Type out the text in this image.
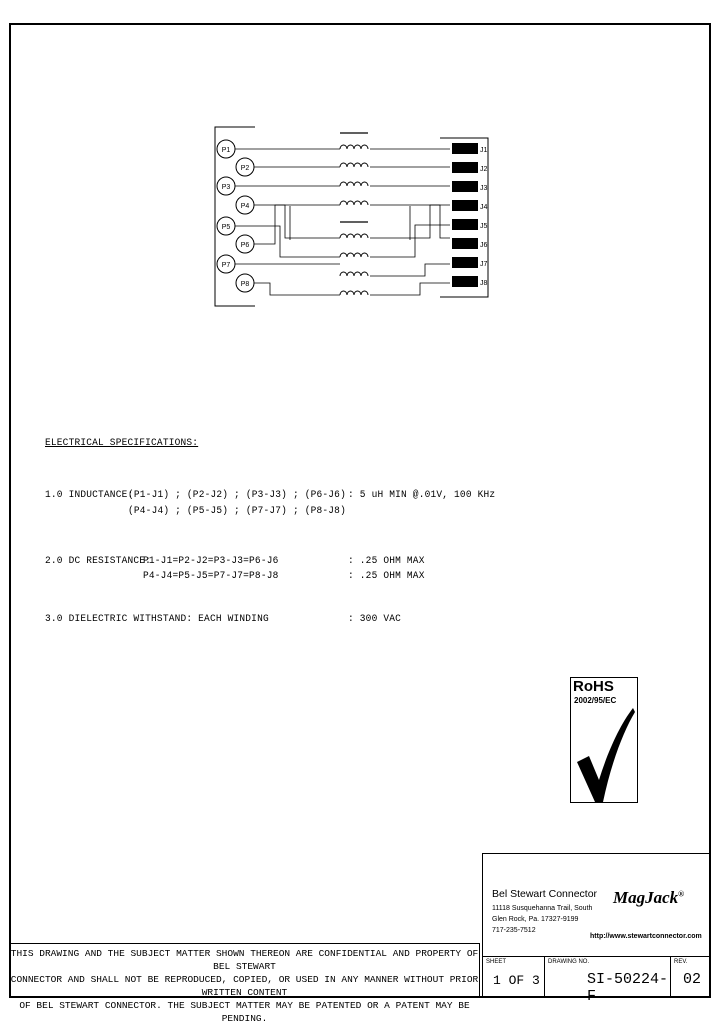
P1
P2
P3
P4
P5
P6
P7
P8
J1
J2
J3
J4
J5
J6
J7
J8
ELECTRICAL SPECIFICATIONS:
1.0 INDUCTANCE:
(P1-J1) ; (P2-J2) ; (P3-J3) ; (P6-J6)
(P4-J4) ; (P5-J5) ; (P7-J7) ; (P8-J8)
: 5 uH MIN @.01V, 100 KHz
2.0 DC RESISTANCE:
P1-J1=P2-J2=P3-J3=P6-J6
P4-J4=P5-J5=P7-J7=P8-J8
: .25 OHM MAX
: .25 OHM MAX
3.0 DIELECTRIC WITHSTAND: EACH WINDING	: 300 VAC
RoHS
2002/95/EC
Bel Stewart Connector
11118 Susquehanna Trail, South
Glen Rock, Pa. 17327-9199
717-235-7512
MagJack®
http://www.stewartconnector.com
SHEET
1 OF 3
DRAWING NO.
SI-50224-F
REV.
02
THIS DRAWING AND THE SUBJECT MATTER SHOWN THEREON ARE CONFIDENTIAL AND PROPERTY OF BEL STEWART
CONNECTOR AND SHALL NOT BE REPRODUCED, COPIED, OR USED IN ANY MANNER WITHOUT PRIOR WRITTEN CONTENT
OF BEL STEWART CONNECTOR. THE SUBJECT MATTER MAY BE PATENTED OR A PATENT MAY BE PENDING.
